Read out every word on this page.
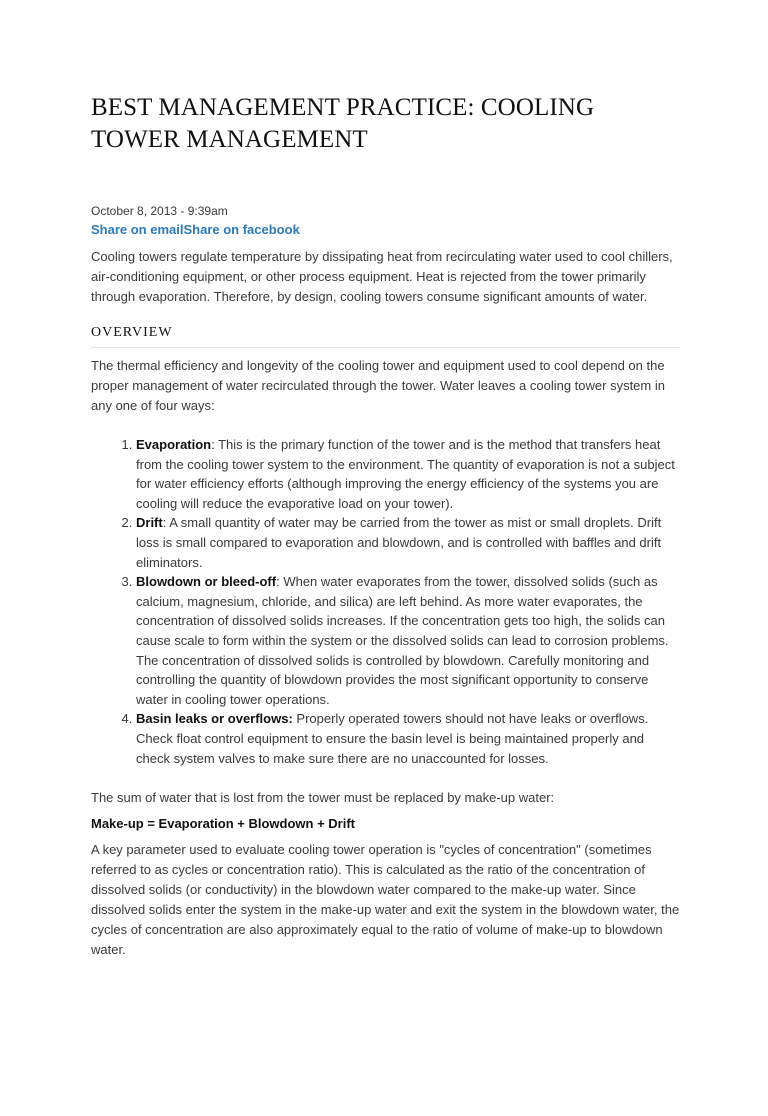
BEST MANAGEMENT PRACTICE: COOLING TOWER MANAGEMENT
October 8, 2013 - 9:39am
Share on emailShare on facebook

Cooling towers regulate temperature by dissipating heat from recirculating water used to cool chillers, air-conditioning equipment, or other process equipment. Heat is rejected from the tower primarily through evaporation. Therefore, by design, cooling towers consume significant amounts of water.

OVERVIEW

The thermal efficiency and longevity of the cooling tower and equipment used to cool depend on the proper management of water recirculated through the tower. Water leaves a cooling tower system in any one of four ways:

1. Evaporation: This is the primary function of the tower and is the method that transfers heat from the cooling tower system to the environment. The quantity of evaporation is not a subject for water efficiency efforts (although improving the energy efficiency of the systems you are cooling will reduce the evaporative load on your tower).
2. Drift: A small quantity of water may be carried from the tower as mist or small droplets. Drift loss is small compared to evaporation and blowdown, and is controlled with baffles and drift eliminators.
3. Blowdown or bleed-off: When water evaporates from the tower, dissolved solids (such as calcium, magnesium, chloride, and silica) are left behind. As more water evaporates, the concentration of dissolved solids increases. If the concentration gets too high, the solids can cause scale to form within the system or the dissolved solids can lead to corrosion problems. The concentration of dissolved solids is controlled by blowdown. Carefully monitoring and controlling the quantity of blowdown provides the most significant opportunity to conserve water in cooling tower operations.
4. Basin leaks or overflows: Properly operated towers should not have leaks or overflows. Check float control equipment to ensure the basin level is being maintained properly and check system valves to make sure there are no unaccounted for losses.

The sum of water that is lost from the tower must be replaced by make-up water:

Make-up = Evaporation + Blowdown + Drift

A key parameter used to evaluate cooling tower operation is "cycles of concentration" (sometimes referred to as cycles or concentration ratio). This is calculated as the ratio of the concentration of dissolved solids (or conductivity) in the blowdown water compared to the make-up water. Since dissolved solids enter the system in the make-up water and exit the system in the blowdown water, the cycles of concentration are also approximately equal to the ratio of volume of make-up to blowdown water.
